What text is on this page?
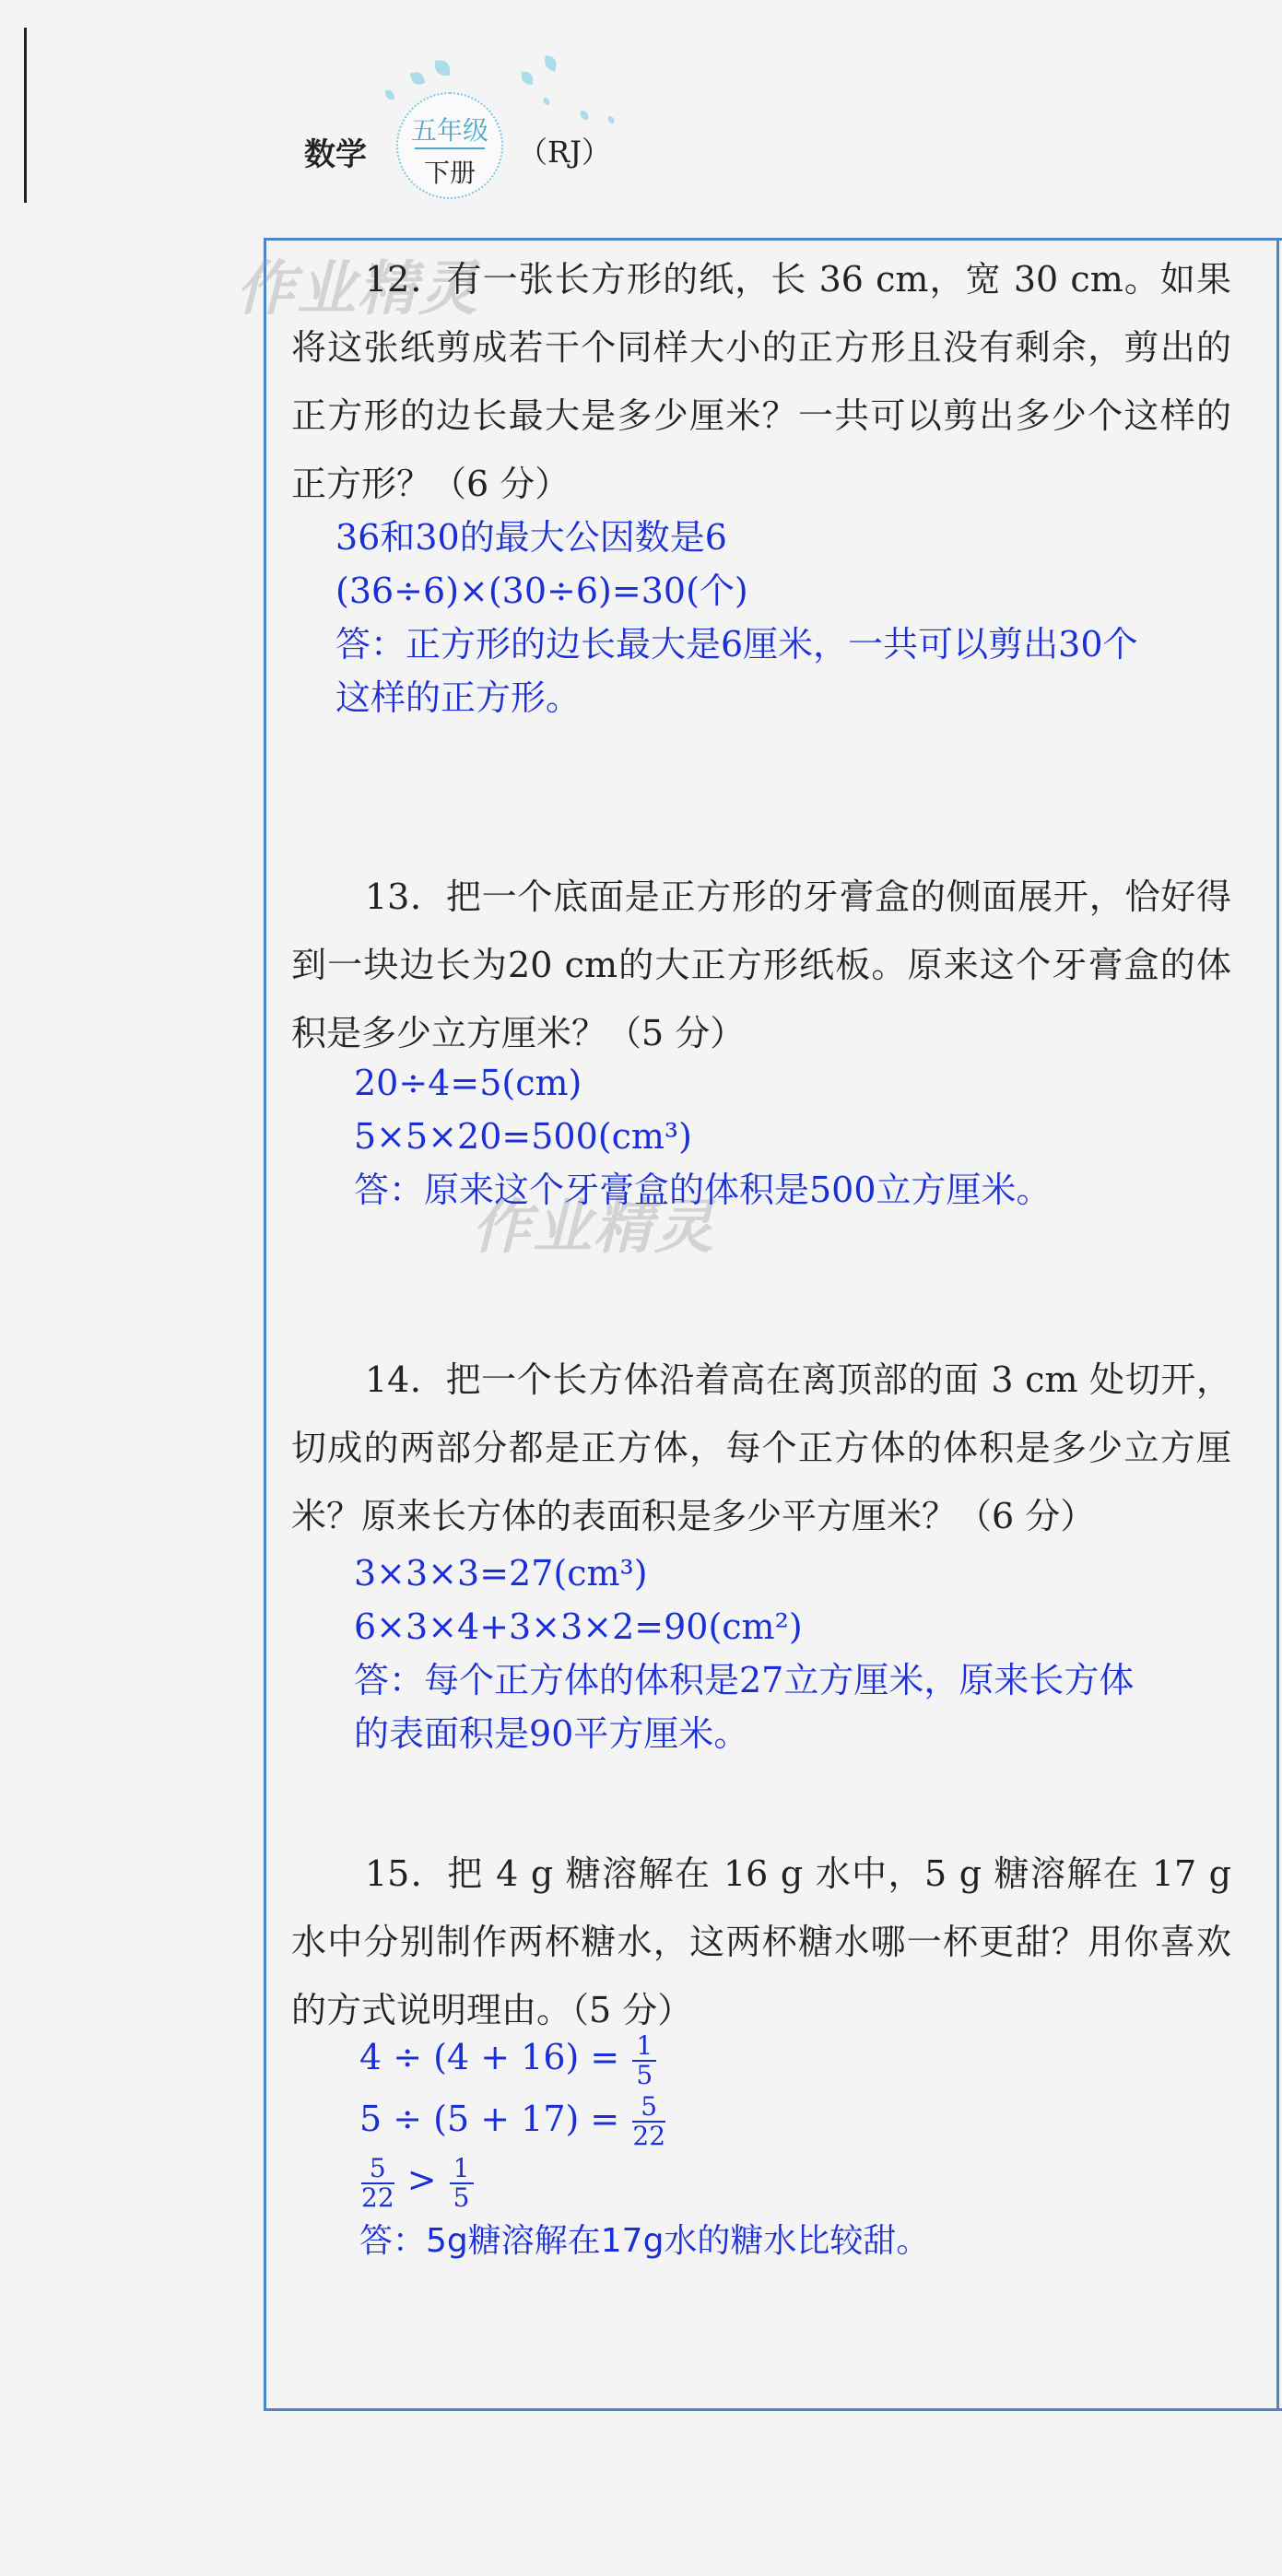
数学
五年级
下册
（RJ）
作业精灵
作业精灵
12．有一张长方形的纸，长 36 cm，宽 30 cm。如果将这张纸剪成若干个同样大小的正方形且没有剩余，剪出的正方形的边长最大是多少厘米？一共可以剪出多少个这样的正方形？（6 分）
36和30的最大公因数是6
(36÷6)×(30÷6)=30(个)
答：正方形的边长最大是6厘米，一共可以剪出30个
这样的正方形。
13．把一个底面是正方形的牙膏盒的侧面展开，恰好得到一块边长为20 cm的大正方形纸板。原来这个牙膏盒的体积是多少立方厘米？（5 分）
20÷4=5(cm)
5×5×20=500(cm³)
答：原来这个牙膏盒的体积是500立方厘米。
14．把一个长方体沿着高在离顶部的面 3 cm 处切开，切成的两部分都是正方体，每个正方体的体积是多少立方厘米？原来长方体的表面积是多少平方厘米？（6 分）
3×3×3=27(cm³)
6×3×4+3×3×2=90(cm²)
答：每个正方体的体积是27立方厘米，原来长方体
的表面积是90平方厘米。
15．把 4 g 糖溶解在 16 g 水中，5 g 糖溶解在 17 g 水中分别制作两杯糖水，这两杯糖水哪一杯更甜？用你喜欢的方式说明理由。（5 分）
$4 \div (4 + 16) = \frac{1}{5}$
$5 \div (5 + 17) = \frac{5}{22}$
$\frac{5}{22} > \frac{1}{5}$
答：5g糖溶解在17g水的糖水比较甜。
